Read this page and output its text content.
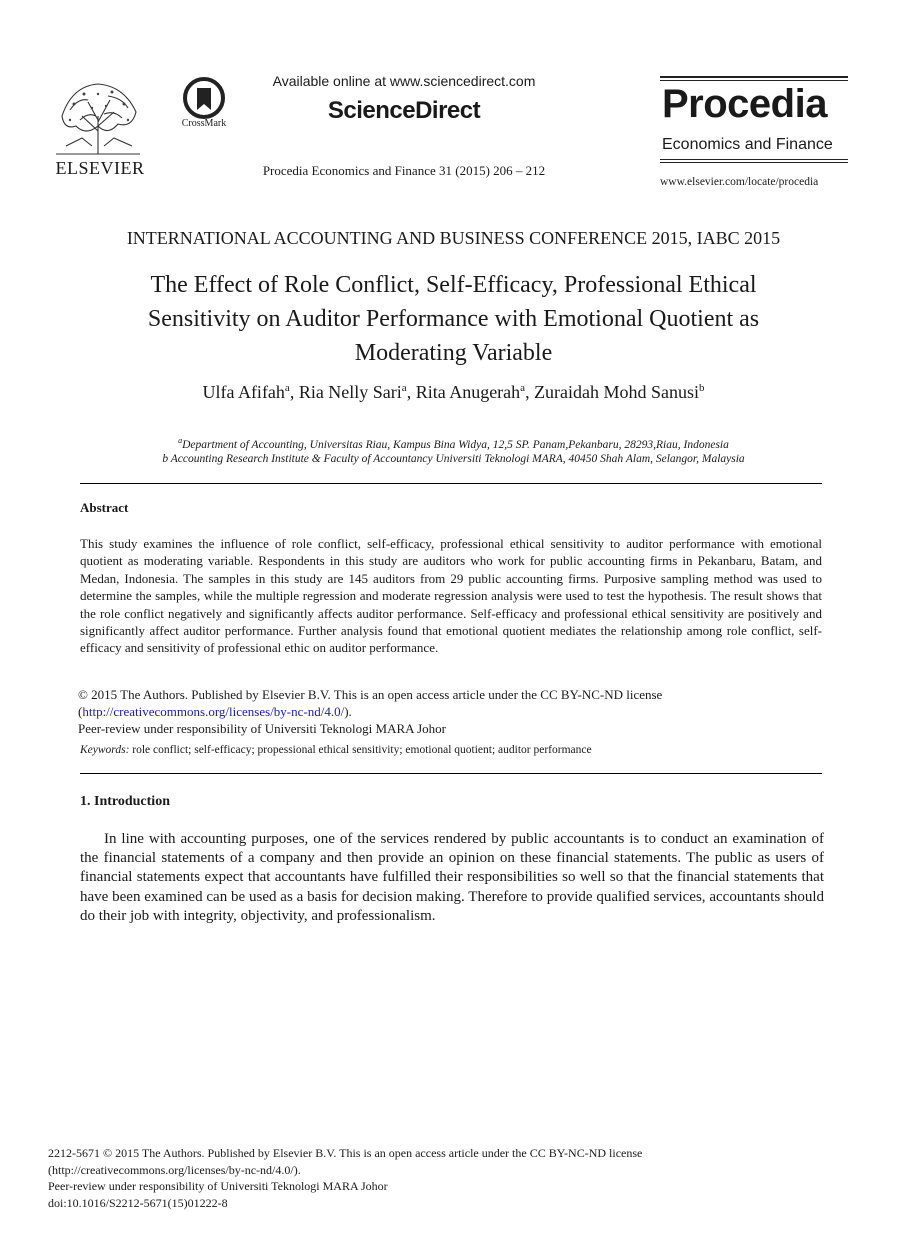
ELSEVIER
CrossMark
Available online at www.sciencedirect.com
ScienceDirect
Procedia Economics and Finance 31 (2015) 206 – 212
Procedia
Economics and Finance
www.elsevier.com/locate/procedia
INTERNATIONAL ACCOUNTING AND BUSINESS CONFERENCE 2015, IABC 2015
The Effect of Role Conflict, Self-Efficacy, Professional Ethical
Sensitivity on Auditor Performance with Emotional Quotient as
Moderating Variable
Ulfa Afifah$^a$, Ria Nelly Sari$^a$, Rita Anugerah$^a$, Zuraidah Mohd Sanusi$^b$
$^a$Department of Accounting, Universitas Riau, Kampus Bina Widya, 12,5 SP. Panam,Pekanbaru, 28293,Riau, Indonesia
b Accounting Research Institute & Faculty of Accountancy Universiti Teknologi MARA, 40450 Shah Alam, Selangor, Malaysia
Abstract
This study examines the influence of role conflict, self-efficacy, professional ethical sensitivity to auditor performance with emotional quotient as moderating variable. Respondents in this study are auditors who work for public accounting firms in Pekanbaru, Batam, and Medan, Indonesia. The samples in this study are 145 auditors from 29 public accounting firms. Purposive sampling method was used to determine the samples, while the multiple regression and moderate regression analysis were used to test the hypothesis. The result shows that the role conflict negatively and significantly affects auditor performance. Self-efficacy and professional ethical sensitivity are positively and significantly affect auditor performance. Further analysis found that emotional quotient mediates the relationship among role conflict, self-efficacy and sensitivity of professional ethic on auditor performance.
© 2015 The Authors. Published by Elsevier B.V. This is an open access article under the CC BY-NC-ND license
(http://creativecommons.org/licenses/by-nc-nd/4.0/).
Peer-review under responsibility of Universiti Teknologi MARA Johor
Keywords: role conflict; self-efficacy; propessional ethical sensitivity; emotional quotient; auditor performance
1. Introduction
In line with accounting purposes, one of the services rendered by public accountants is to conduct an examination of the financial statements of a company and then provide an opinion on these financial statements. The public as users of financial statements expect that accountants have fulfilled their responsibilities so well so that the financial statements that have been examined can be used as a basis for decision making. Therefore to provide qualified services, accountants should do their job with integrity, objectivity, and professionalism.
2212-5671 © 2015 The Authors. Published by Elsevier B.V. This is an open access article under the CC BY-NC-ND license
(http://creativecommons.org/licenses/by-nc-nd/4.0/).
Peer-review under responsibility of Universiti Teknologi MARA Johor
doi:10.1016/S2212-5671(15)01222-8
